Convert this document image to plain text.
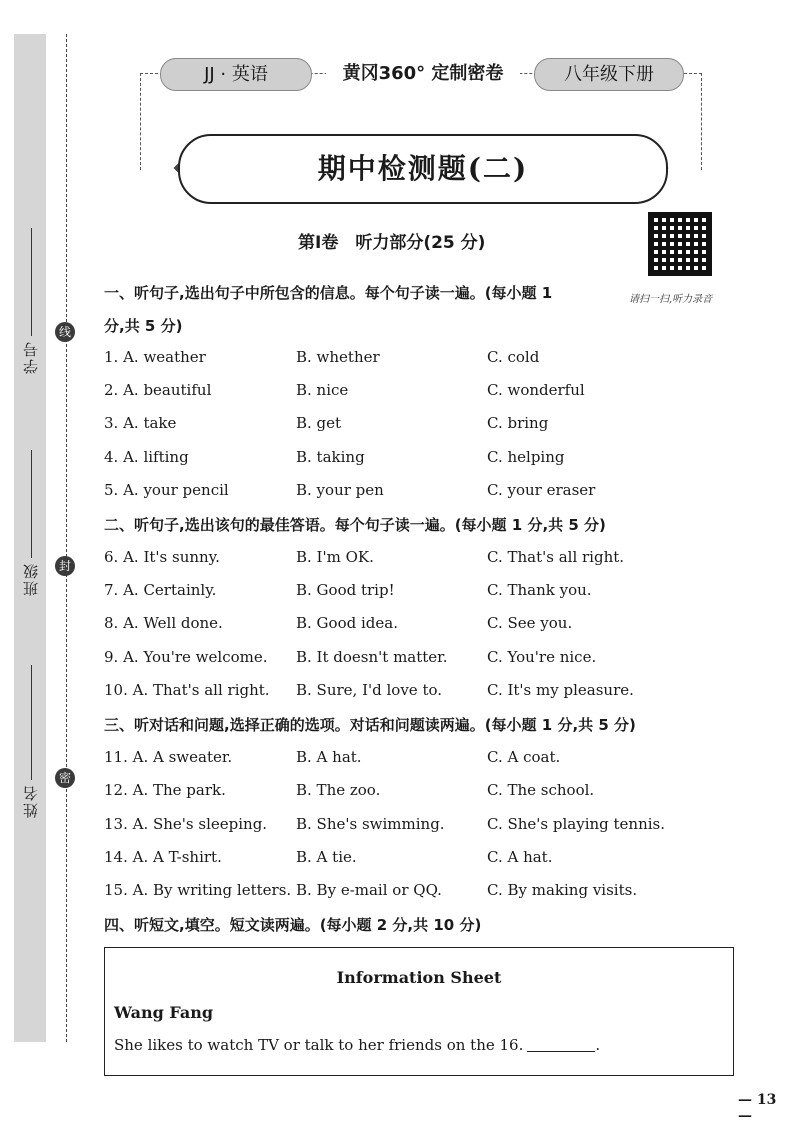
学号
班级
姓名
线
封
密
JJ · 英语	黄冈360° 定制密卷	八年级下册
期中检测题(二)
第Ⅰ卷　听力部分(25 分)
请扫一扫,听力录音
一、听句子,选出句子中所包含的信息。每个句子读一遍。(每小题 1
分,共 5 分)
1. A. weather	B. whether	C. cold
2. A. beautiful	B. nice	C. wonderful
3. A. take	B. get	C. bring
4. A. lifting	B. taking	C. helping
5. A. your pencil	B. your pen	C. your eraser
二、听句子,选出该句的最佳答语。每个句子读一遍。(每小题 1 分,共 5 分)
6. A. It's sunny.	B. I'm OK.	C. That's all right.
7. A. Certainly.	B. Good trip!	C. Thank you.
8. A. Well done.	B. Good idea.	C. See you.
9. A. You're welcome. B. It doesn't matter.	C. You're nice.
10. A. That's all right. B. Sure, I'd love to.	C. It's my pleasure.
三、听对话和问题,选择正确的选项。对话和问题读两遍。(每小题 1 分,共 5 分)
11. A. A sweater.	B. A hat.	C. A coat.
12. A. The park.	B. The zoo.	C. The school.
13. A. She's sleeping. B. She's swimming.	C. She's playing tennis.
14. A. A T-shirt.	B. A tie.	C. A hat.
15. A. By writing letters. B. By e-mail or QQ.	C. By making visits.
四、听短文,填空。短文读两遍。(每小题 2 分,共 10 分)
Information Sheet
Wang Fang
She likes to watch TV or talk to her friends on the 16.	.
— 13 —
